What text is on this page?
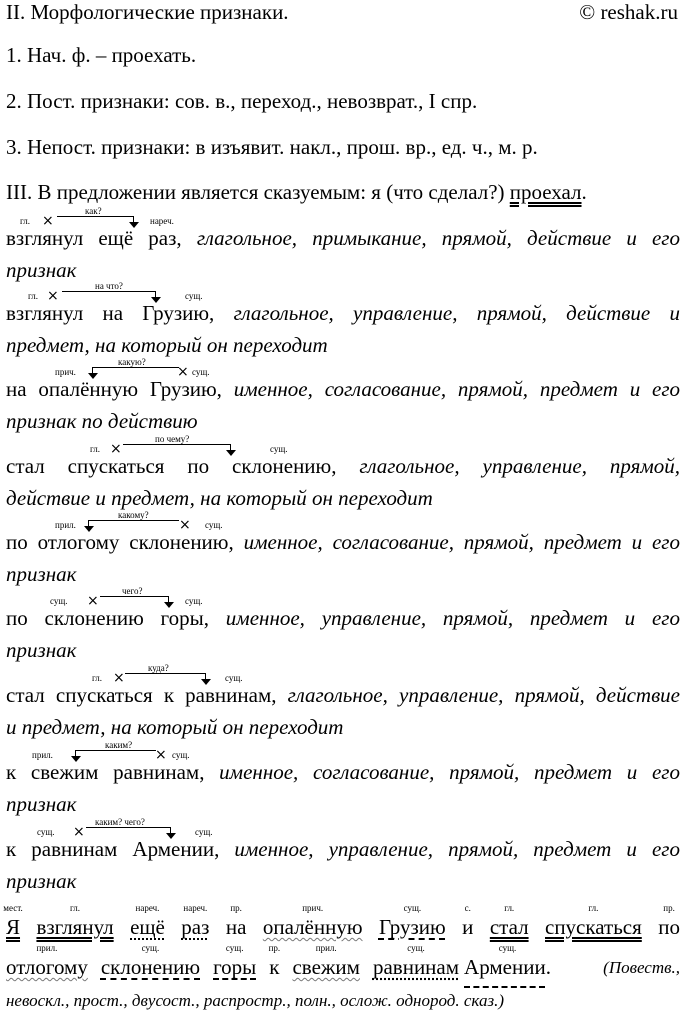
II. Морфологические признаки.	© reshak.ru
1. Нач. ф. – проехать.
2. Пост. признаки: сов. в., переход., невозврат., I спр.
3. Непост. признаки: в изъявит. накл., прош. вр., ед. ч., м. р.
III. В предложении является сказуемым: я (что сделал?) проехал.
гл.	нареч.
как?
×
взглянул ещё раз, глагольное, примыкание, прямой, действие и его
признак
гл.	сущ.
на что?
×
взглянул на Грузию, глагольное, управление, прямой, действие и
предмет, на который он переходит
прич.	сущ.
какую?
×
на опалённую Грузию, именное, согласование, прямой, предмет и его
признак по действию
гл.	сущ.
по чему?
×
стал спускаться по склонению, глагольное, управление, прямой,
действие и предмет, на который он переходит
прил.	сущ.
какому?
×
по отлогому склонению, именное, согласование, прямой, предмет и его
признак
сущ.	сущ.
чего?
×
по склонению горы, именное, управление, прямой, предмет и его
признак
гл.	сущ.
куда?
×
стал спускаться к равнинам, глагольное, управление, прямой, действие
и предмет, на который он переходит
прил.	сущ.
каким?
×
к свежим равнинам, именное, согласование, прямой, предмет и его
признак
сущ.	сущ.
каким? чего?
×
к равнинам Армении, именное, управление, прямой, предмет и его
признак
мест.
Я
гл.
взглянул
нареч.
ещё
нареч.
раз
пр.
на
прич.
опалённую
сущ.
Грузию
с.
и
гл.
стал
гл.
спускаться
пр.
по
прил.
отлогому
сущ.
склонению
сущ.
горы
пр.
к
прил.
свежим
сущ.
равнинам
сущ.
Армении.	(Повеств.,
невоскл., прост., двусост., распростр., полн., ослож. однород. сказ.)
